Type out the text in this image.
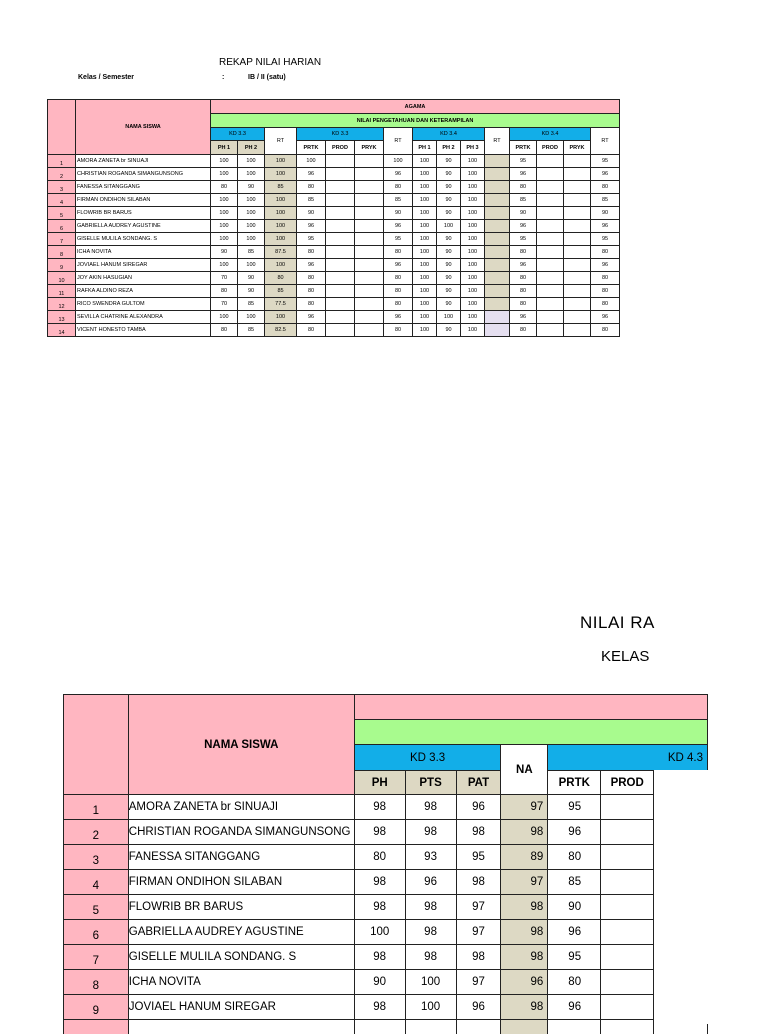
REKAP NILAI HARIAN
Kelas / Semester	:	IB / II (satu)
	NAMA SISWA	AGAMA														
		NILAI PENGETAHUAN DAN KETERAMPILAN														
		KD 3.3		RT	KD 3.3			RT	KD 3.4			RT	KD 3.4			RT
		PH 1	PH 2		PRTK	PROD	PRYK		PH 1	PH 2	PH 3		PRTK	PROD	PRYK	
1	AMORA ZANETA br SINUAJI	100	100	100	100			100	100	90	100		95			95
2	CHRISTIAN ROGANDA SIMANGUNSONG	100	100	100	96			96	100	90	100		96			96
3	FANESSA SITANGGANG	80	90	85	80			80	100	90	100		80			80
4	FIRMAN ONDIHON SILABAN	100	100	100	85			85	100	90	100		85			85
5	FLOWRIB BR BARUS	100	100	100	90			90	100	90	100		90			90
6	GABRIELLA AUDREY AGUSTINE	100	100	100	96			96	100	100	100		96			96
7	GISELLE MULILA SONDANG. S	100	100	100	95			95	100	90	100		95			95
8	ICHA NOVITA	90	85	87.5	80			80	100	90	100		80			80
9	JOVIAEL HANUM SIREGAR	100	100	100	96			96	100	90	100		96			96
10	JOY AKIN HASUGIAN	70	90	80	80			80	100	90	100		80			80
11	RAFKA ALDINO REZA	80	90	85	80			80	100	90	100		80			80
12	RICO SWENDRA GULTOM	70	85	77.5	80			80	100	90	100		80			80
13	SEVILLA CHATRINE ALEXANDRA	100	100	100	96			96	100	100	100		96			96
14	VICENT HONESTO TAMBA	80	85	82.5	80			80	100	90	100		80			80
NILAI RA
KELAS
	NAMA SISWA							

		KD 3.3			NA	KD 4.3		
		PH	PTS	PAT		PRTK	PROD	
1	AMORA ZANETA br SINUAJI	98	98	96	97	95		
2	CHRISTIAN ROGANDA SIMANGUNSONG	98	98	98	98	96		
3	FANESSA SITANGGANG	80	93	95	89	80		
4	FIRMAN ONDIHON SILABAN	98	96	98	97	85		
5	FLOWRIB BR BARUS	98	98	97	98	90		
6	GABRIELLA AUDREY AGUSTINE	100	98	97	98	96		
7	GISELLE MULILA SONDANG. S	98	98	98	98	95		
8	ICHA NOVITA	90	100	97	96	80		
9	JOVIAEL HANUM SIREGAR	98	100	96	98	96		
